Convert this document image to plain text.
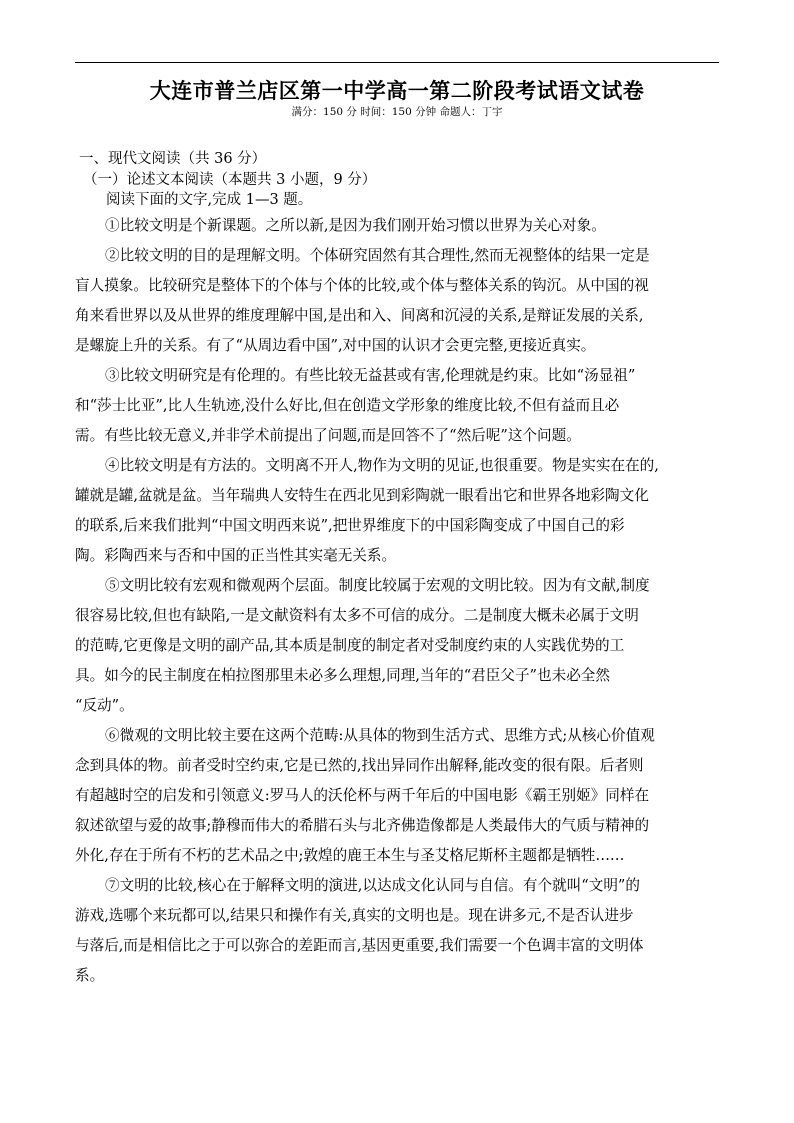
大连市普兰店区第一中学高一第二阶段考试语文试卷
满分：150 分 时间：150 分钟 命题人：丁宇
一、现代文阅读（共 36 分）
（一）论述文本阅读（本题共 3 小题，9 分）
阅读下面的文字,完成 1—3 题。
①比较文明是个新课题。之所以新,是因为我们刚开始习惯以世界为关心对象。
②比较文明的目的是理解文明。个体研究固然有其合理性,然而无视整体的结果一定是
盲人摸象。比较研究是整体下的个体与个体的比较,或个体与整体关系的钩沉。从中国的视
角来看世界以及从世界的维度理解中国,是出和入、间离和沉浸的关系,是辩证发展的关系,
是螺旋上升的关系。有了“从周边看中国”,对中国的认识才会更完整,更接近真实。
③比较文明研究是有伦理的。有些比较无益甚或有害,伦理就是约束。比如“汤显祖”
和“莎士比亚”,比人生轨迹,没什么好比,但在创造文学形象的维度比较,不但有益而且必
需。有些比较无意义,并非学术前提出了问题,而是回答不了“然后呢”这个问题。
④比较文明是有方法的。文明离不开人,物作为文明的见证,也很重要。物是实实在在的,
罐就是罐,盆就是盆。当年瑞典人安特生在西北见到彩陶就一眼看出它和世界各地彩陶文化
的联系,后来我们批判“中国文明西来说”,把世界维度下的中国彩陶变成了中国自己的彩
陶。彩陶西来与否和中国的正当性其实毫无关系。
⑤文明比较有宏观和微观两个层面。制度比较属于宏观的文明比较。因为有文献,制度
很容易比较,但也有缺陷,一是文献资料有太多不可信的成分。二是制度大概未必属于文明
的范畴,它更像是文明的副产品,其本质是制度的制定者对受制度约束的人实践优势的工
具。如今的民主制度在柏拉图那里未必多么理想,同理,当年的“君臣父子”也未必全然
“反动”。
⑥微观的文明比较主要在这两个范畴:从具体的物到生活方式、思维方式;从核心价值观
念到具体的物。前者受时空约束,它是已然的,找出异同作出解释,能改变的很有限。后者则
有超越时空的启发和引领意义:罗马人的沃伦杯与两千年后的中国电影《霸王别姬》同样在
叙述欲望与爱的故事;静穆而伟大的希腊石头与北齐佛造像都是人类最伟大的气质与精神的
外化,存在于所有不朽的艺术品之中;敦煌的鹿王本生与圣艾格尼斯杯主题都是牺牲……
⑦文明的比较,核心在于解释文明的演进,以达成文化认同与自信。有个就叫“文明”的
游戏,选哪个来玩都可以,结果只和操作有关,真实的文明也是。现在讲多元,不是否认进步
与落后,而是相信比之于可以弥合的差距而言,基因更重要,我们需要一个色调丰富的文明体
系。
